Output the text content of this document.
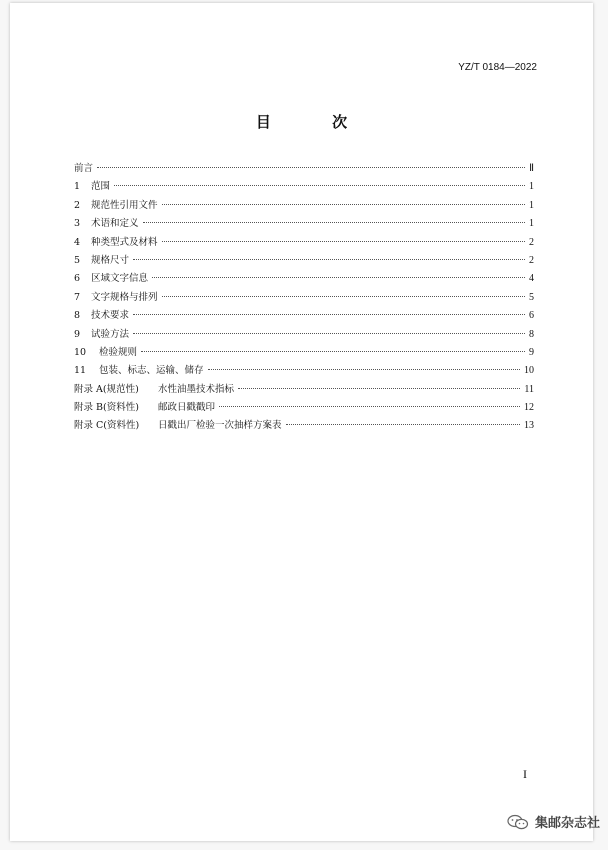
YZ/T 0184—2022
目 次
前言	Ⅱ
1	范围	1
2	规范性引用文件	1
3	术语和定义	1
4	种类型式及材料	2
5	规格尺寸	2
6	区域文字信息	4
7	文字规格与排列	5
8	技术要求	6
9	试验方法	8
10	检验规则	9
11	包装、标志、运输、储存	10
附录 A(规范性)	水性油墨技术指标	11
附录 B(资料性)	邮政日戳戳印	12
附录 C(资料性)	日戳出厂检验一次抽样方案表	13
I
集邮杂志社
